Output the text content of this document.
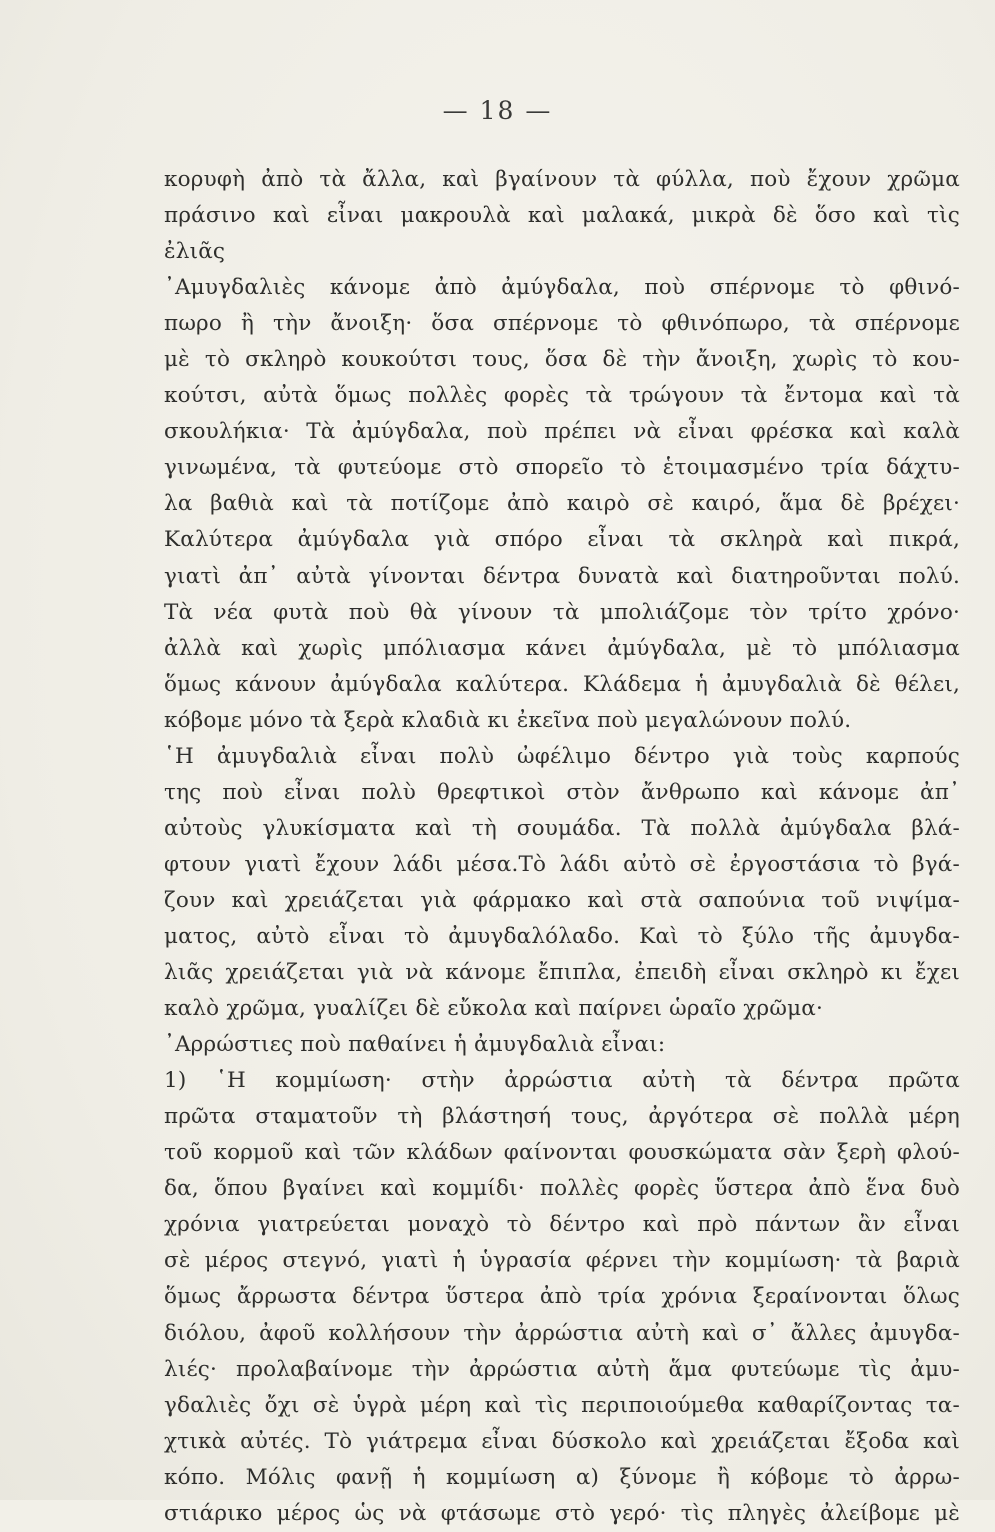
— 18 —
κορυφὴ ἀπὸ τὰ ἄλλα, καὶ βγαίνουν τὰ φύλλα, ποὺ ἔχουν χρῶμα
πράσινο καὶ εἶναι μακρουλὰ καὶ μαλακά, μικρὰ δὲ ὅσο καὶ τὶς
ἐλιᾶς
᾿Αμυγδαλιὲς κάνομε ἀπὸ ἀμύγδαλα, ποὺ σπέρνομε τὸ φθινό-
πωρο ἢ τὴν ἄνοιξη· ὅσα σπέρνομε τὸ φθινόπωρο, τὰ σπέρνομε
μὲ τὸ σκληρὸ κουκούτσι τους, ὅσα δὲ τὴν ἄνοιξη, χωρὶς τὸ κου-
κούτσι, αὐτὰ ὅμως πολλὲς φορὲς τὰ τρώγουν τὰ ἔντομα καὶ τὰ
σκουλήκια· Τὰ ἀμύγδαλα, ποὺ πρέπει νὰ εἶναι φρέσκα καὶ καλὰ
γινωμένα, τὰ φυτεύομε στὸ σπορεῖο τὸ ἑτοιμασμένο τρία δάχτυ-
λα βαθιὰ καὶ τὰ ποτίζομε ἀπὸ καιρὸ σὲ καιρό, ἅμα δὲ βρέχει·
Καλύτερα ἀμύγδαλα γιὰ σπόρο εἶναι τὰ σκληρὰ καὶ πικρά,
γιατὶ ἀπ᾿ αὐτὰ γίνονται δέντρα δυνατὰ καὶ διατηροῦνται πολύ.
Τὰ νέα φυτὰ ποὺ θὰ γίνουν τὰ μπολιάζομε τὸν τρίτο χρόνο·
ἀλλὰ καὶ χωρὶς μπόλιασμα κάνει ἀμύγδαλα, μὲ τὸ μπόλιασμα
ὅμως κάνουν ἀμύγδαλα καλύτερα. Κλάδεμα ἡ ἀμυγδαλιὰ δὲ θέλει,
κόβομε μόνο τὰ ξερὰ κλαδιὰ κι ἐκεῖνα ποὺ μεγαλώνουν πολύ.
῾Η ἀμυγδαλιὰ εἶναι πολὺ ὠφέλιμο δέντρο γιὰ τοὺς καρπούς
της ποὺ εἶναι πολὺ θρεφτικοὶ στὸν ἄνθρωπο καὶ κάνομε ἀπ᾿
αὐτοὺς γλυκίσματα καὶ τὴ σουμάδα. Τὰ πολλὰ ἀμύγδαλα βλά-
φτουν γιατὶ ἔχουν λάδι μέσα.Τὸ λάδι αὐτὸ σὲ ἐργοστάσια τὸ βγά-
ζουν καὶ χρειάζεται γιὰ φάρμακο καὶ στὰ σαπούνια τοῦ νιψίμα-
ματος, αὐτὸ εἶναι τὸ ἀμυγδαλόλαδο. Καὶ τὸ ξύλο τῆς ἀμυγδα-
λιᾶς χρειάζεται γιὰ νὰ κάνομε ἔπιπλα, ἐπειδὴ εἶναι σκληρὸ κι ἔχει
καλὸ χρῶμα, γυαλίζει δὲ εὔκολα καὶ παίρνει ὡραῖο χρῶμα·
᾿Αρρώστιες ποὺ παθαίνει ἡ ἀμυγδαλιὰ εἶναι:
1) ῾Η κομμίωση· στὴν ἀρρώστια αὐτὴ τὰ δέντρα πρῶτα
πρῶτα σταματοῦν τὴ βλάστησή τους, ἀργότερα σὲ πολλὰ μέρη
τοῦ κορμοῦ καὶ τῶν κλάδων φαίνονται φουσκώματα σὰν ξερὴ φλού-
δα, ὅπου βγαίνει καὶ κομμίδι· πολλὲς φορὲς ὕστερα ἀπὸ ἕνα δυὸ
χρόνια γιατρεύεται μοναχὸ τὸ δέντρο καὶ πρὸ πάντων ἂν εἶναι
σὲ μέρος στεγνό, γιατὶ ἡ ὑγρασία φέρνει τὴν κομμίωση· τὰ βαριὰ
ὅμως ἄρρωστα δέντρα ὕστερα ἀπὸ τρία χρόνια ξεραίνονται ὅλως
διόλου, ἀφοῦ κολλήσουν τὴν ἀρρώστια αὐτὴ καὶ σ᾿ ἄλλες ἀμυγδα-
λιές· προλαβαίνομε τὴν ἀρρώστια αὐτὴ ἅμα φυτεύωμε τὶς ἀμυ-
γδαλιὲς ὄχι σὲ ὑγρὰ μέρη καὶ τὶς περιποιούμεθα καθαρίζοντας τα-
χτικὰ αὐτές. Τὸ γιάτρεμα εἶναι δύσκολο καὶ χρειάζεται ἔξοδα καὶ
κόπο. Μόλις φανῇ ἡ κομμίωση α) ξύνομε ἢ κόβομε τὸ ἀρρω-
στιάρικο μέρος ὡς νὰ φτάσωμε στὸ γερό· τὶς πληγὲς ἀλείβομε μὲ
